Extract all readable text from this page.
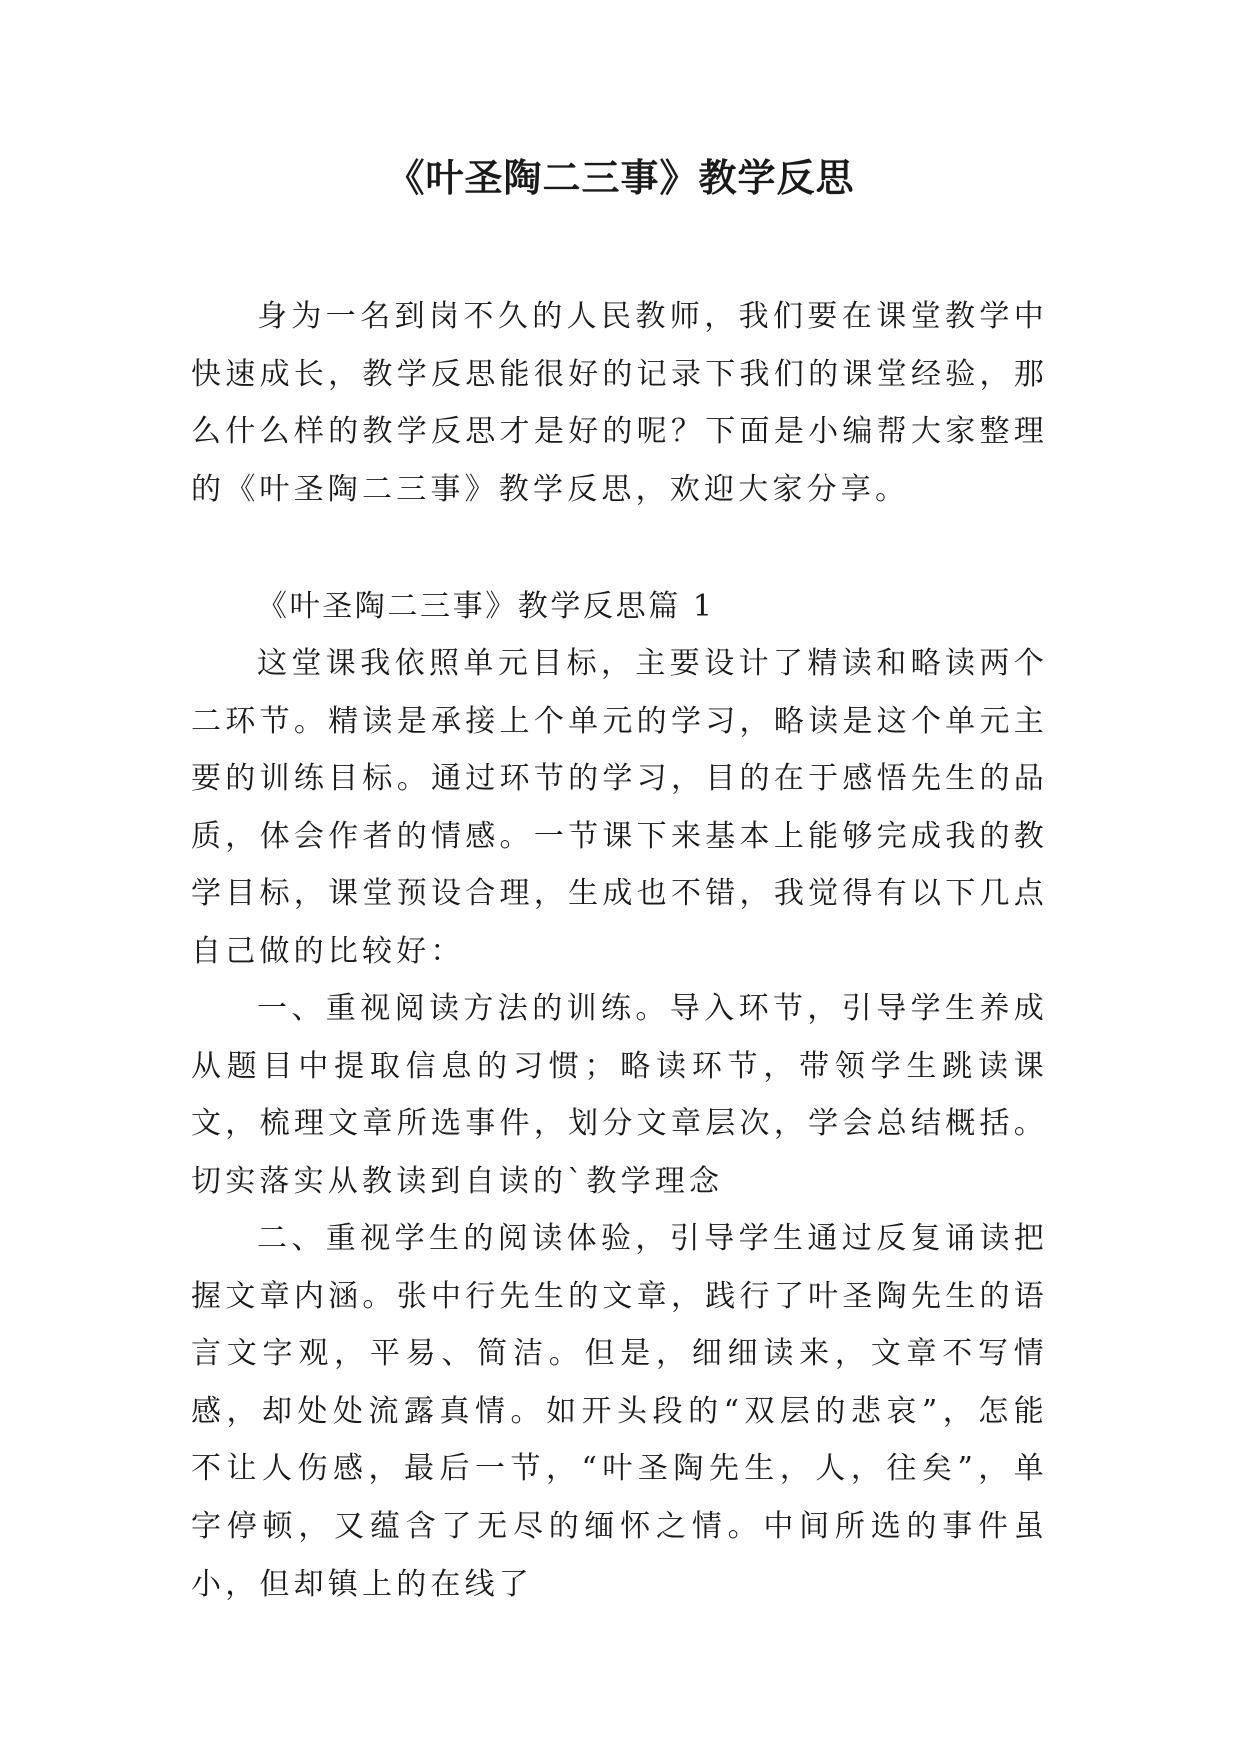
《叶圣陶二三事》教学反思

身为一名到岗不久的人民教师，我们要在课堂教学中快速成长，教学反思能很好的记录下我们的课堂经验，那么什么样的教学反思才是好的呢？下面是小编帮大家整理的《叶圣陶二三事》教学反思，欢迎大家分享。

《叶圣陶二三事》教学反思篇 1

这堂课我依照单元目标，主要设计了精读和略读两个二环节。精读是承接上个单元的学习，略读是这个单元主要的训练目标。通过环节的学习，目的在于感悟先生的品质，体会作者的情感。一节课下来基本上能够完成我的教学目标，课堂预设合理，生成也不错，我觉得有以下几点自己做的比较好：

一、重视阅读方法的训练。导入环节，引导学生养成从题目中提取信息的习惯；略读环节，带领学生跳读课文，梳理文章所选事件，划分文章层次，学会总结概括。切实落实从教读到自读的`教学理念

二、重视学生的阅读体验，引导学生通过反复诵读把握文章内涵。张中行先生的文章，践行了叶圣陶先生的语言文字观，平易、简洁。但是，细细读来，文章不写情感，却处处流露真情。如开头段的“双层的悲哀”，怎能不让人伤感，最后一节，“叶圣陶先生，人，往矣”，单字停顿，又蕴含了无尽的缅怀之情。中间所选的事件虽小，但却镇上的在线了
